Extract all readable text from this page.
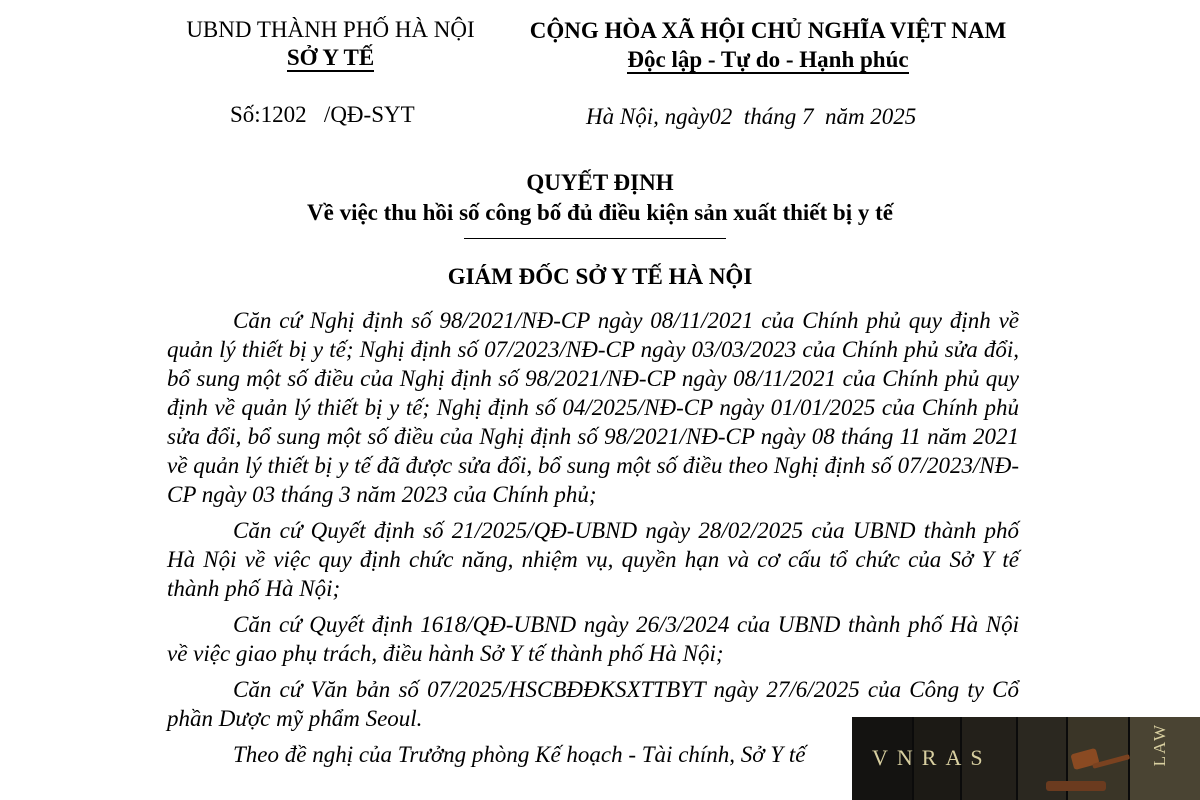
UBND THÀNH PHỐ HÀ NỘI
SỞ Y TẾ
CỘNG HÒA XÃ HỘI CHỦ NGHĨA VIỆT NAM
Độc lập - Tự do - Hạnh phúc
Số:1202   /QĐ-SYT	Hà Nội, ngày02  tháng 7  năm 2025
QUYẾT ĐỊNH
Về việc thu hồi số công bố đủ điều kiện sản xuất thiết bị y tế
GIÁM ĐỐC SỞ Y TẾ HÀ NỘI

Căn cứ Nghị định số 98/2021/NĐ-CP ngày 08/11/2021 của Chính phủ quy định về quản lý thiết bị y tế; Nghị định số 07/2023/NĐ-CP ngày 03/03/2023 của Chính phủ sửa đổi, bổ sung một số điều của Nghị định số 98/2021/NĐ-CP ngày 08/11/2021 của Chính phủ quy định về quản lý thiết bị y tế; Nghị định số 04/2025/NĐ-CP ngày 01/01/2025 của Chính phủ sửa đổi, bổ sung một số điều của Nghị định số 98/2021/NĐ-CP ngày 08 tháng 11 năm 2021 về quản lý thiết bị y tế đã được sửa đổi, bổ sung một số điều theo Nghị định số 07/2023/NĐ-CP ngày 03 tháng 3 năm 2023 của Chính phủ;

Căn cứ Quyết định số 21/2025/QĐ-UBND ngày 28/02/2025 của UBND thành phố Hà Nội về việc quy định chức năng, nhiệm vụ, quyền hạn và cơ cấu tổ chức của Sở Y tế thành phố Hà Nội;

Căn cứ Quyết định 1618/QĐ-UBND ngày 26/3/2024 của UBND thành phố Hà Nội về việc giao phụ trách, điều hành Sở Y tế thành phố Hà Nội;

Căn cứ Văn bản số 07/2025/HSCBĐĐKSXTTBYT ngày 27/6/2025 của Công ty Cổ phần Dược mỹ phẩm Seoul.

Theo đề nghị của Trưởng phòng Kế hoạch - Tài chính, Sở Y tế	VNRAS	LAW
